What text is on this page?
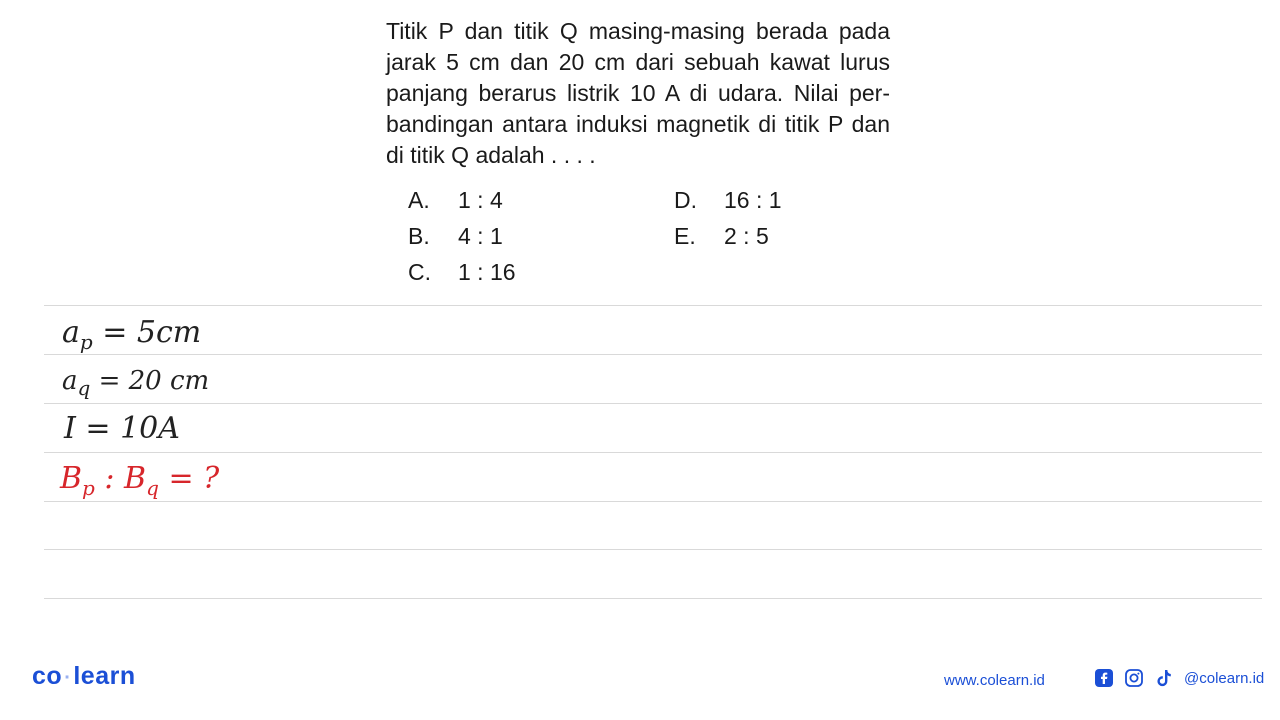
Titik P dan titik Q masing-masing berada pada jarak 5 cm dan 20 cm dari sebuah kawat lurus panjang berarus listrik 10 A di udara. Nilai per-bandingan antara induksi magnetik di titik P dan di titik Q adalah . . . .

A. 1 : 4
B. 4 : 1
C. 1 : 16
D. 16 : 1
E. 2 : 5
$a_p = 5cm$
$a_q = 20$ cm
I = 10A
$B_p$ : $B_q$ = ?
co ·learn	www.colearn.id	@colearn.id
